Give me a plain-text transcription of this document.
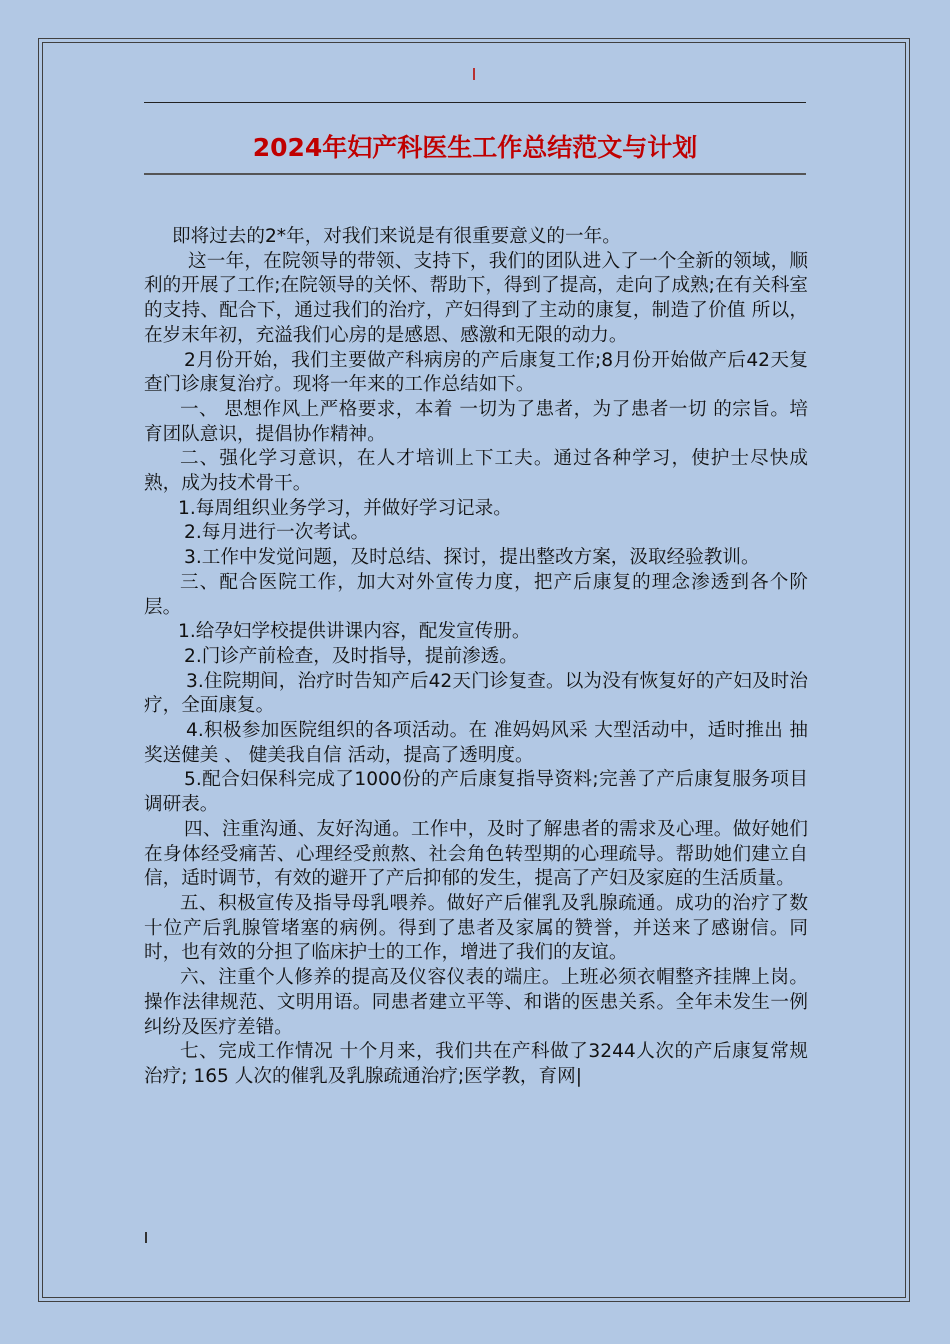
2024年妇产科医生工作总结范文与计划

即将过去的2*年，对我们来说是有很重要意义的一年。

这一年，在院领导的带领、支持下，我们的团队进入了一个全新的领域，顺利的开展了工作;在院领导的关怀、帮助下，得到了提高，走向了成熟;在有关科室的支持、配合下，通过我们的治疗，产妇得到了主动的康复，制造了价值 所以，在岁末年初，充溢我们心房的是感恩、感激和无限的动力。

2月份开始，我们主要做产科病房的产后康复工作;8月份开始做产后42天复查门诊康复治疗。现将一年来的工作总结如下。

一、 思想作风上严格要求，本着 一切为了患者，为了患者一切 的宗旨。培育团队意识，提倡协作精神。

二、强化学习意识，在人才培训上下工夫。通过各种学习，使护士尽快成熟，成为技术骨干。

1.每周组织业务学习，并做好学习记录。

2.每月进行一次考试。

3.工作中发觉问题，及时总结、探讨，提出整改方案，汲取经验教训。

三、配合医院工作，加大对外宣传力度，把产后康复的理念渗透到各个阶层。

1.给孕妇学校提供讲课内容，配发宣传册。

2.门诊产前检查，及时指导，提前渗透。

3.住院期间，治疗时告知产后42天门诊复查。以为没有恢复好的产妇及时治疗，全面康复。

4.积极参加医院组织的各项活动。在 准妈妈风采 大型活动中，适时推出 抽奖送健美 、 健美我自信 活动，提高了透明度。

5.配合妇保科完成了1000份的产后康复指导资料;完善了产后康复服务项目调研表。

四、注重沟通、友好沟通。工作中，及时了解患者的需求及心理。做好她们在身体经受痛苦、心理经受煎熬、社会角色转型期的心理疏导。帮助她们建立自信，适时调节，有效的避开了产后抑郁的发生，提高了产妇及家庭的生活质量。

五、积极宣传及指导母乳喂养。做好产后催乳及乳腺疏通。成功的治疗了数十位产后乳腺管堵塞的病例。得到了患者及家属的赞誉，并送来了感谢信。同时，也有效的分担了临床护士的工作，增进了我们的友谊。

六、注重个人修养的提高及仪容仪表的端庄。上班必须衣帽整齐挂牌上岗。操作法律规范、文明用语。同患者建立平等、和谐的医患关系。全年未发生一例纠纷及医疗差错。

七、完成工作情况 十个月来，我们共在产科做了3244人次的产后康复常规治疗; 165 人次的催乳及乳腺疏通治疗;医学教，育网|
